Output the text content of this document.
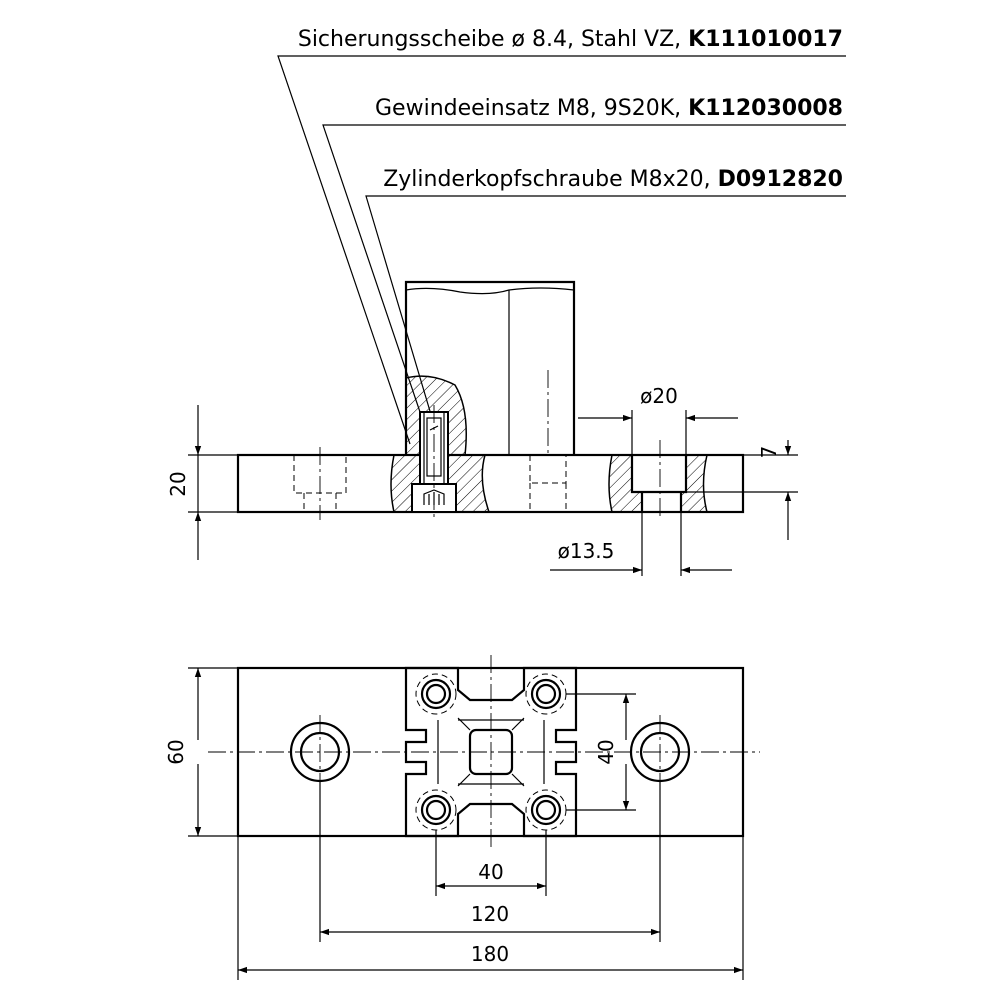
Sicherungsscheibe ø 8.4, Stahl VZ, K111010017
Gewindeeinsatz M8, 9S20K, K112030008
Zylinderkopfschraube M8x20, D0912820
20
ø20
7
ø13.5
60	40
40
120
180
